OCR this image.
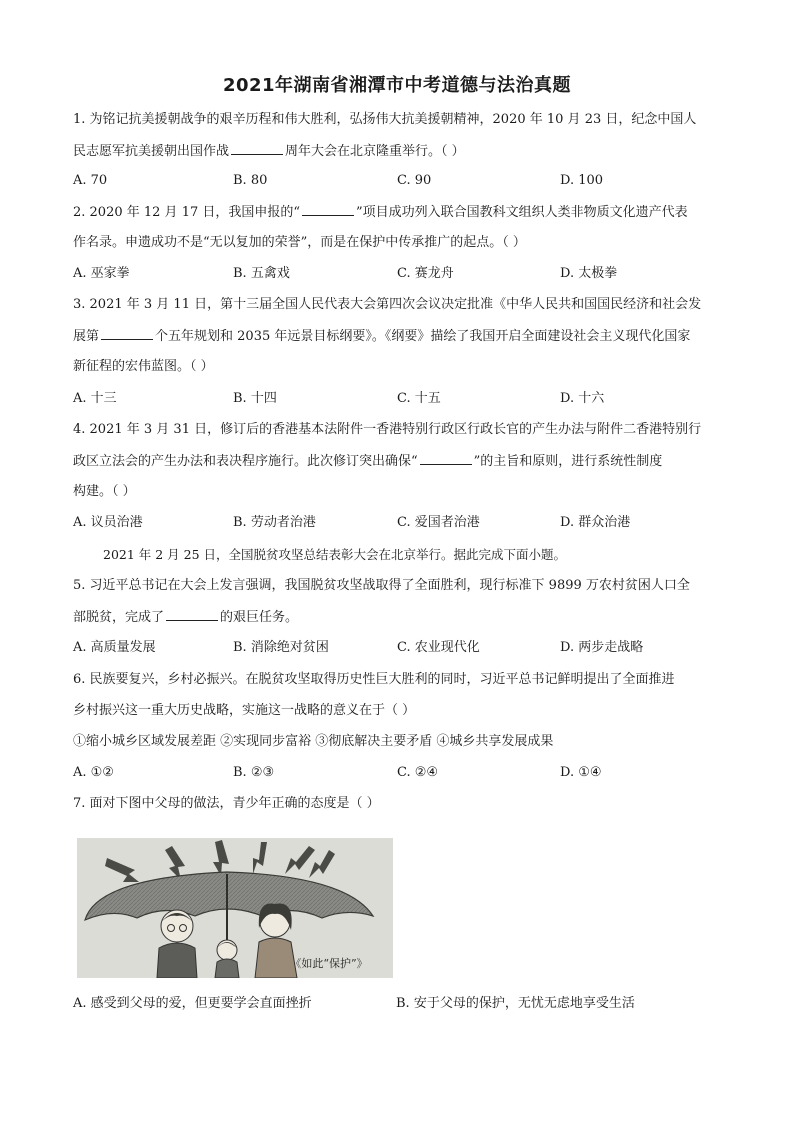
2021年湖南省湘潭市中考道德与法治真题
1. 为铭记抗美援朝战争的艰辛历程和伟大胜利，弘扬伟大抗美援朝精神，2020 年 10 月 23 日，纪念中国人
民志愿军抗美援朝出国作战	周年大会在北京隆重举行。（ ）
A. 70	B. 80	C. 90	D. 100
2. 2020 年 12 月 17 日，我国申报的“	”项目成功列入联合国教科文组织人类非物质文化遗产代表
作名录。申遗成功不是“无以复加的荣誉”，而是在保护中传承推广的起点。（ ）
A. 巫家拳	B. 五禽戏	C. 赛龙舟	D. 太极拳
3. 2021 年 3 月 11 日，第十三届全国人民代表大会第四次会议决定批准《中华人民共和国国民经济和社会发
展第	个五年规划和 2035 年远景目标纲要》。《纲要》描绘了我国开启全面建设社会主义现代化国家
新征程的宏伟蓝图。（ ）
A. 十三	B. 十四	C. 十五	D. 十六
4. 2021 年 3 月 31 日，修订后的香港基本法附件一香港特别行政区行政长官的产生办法与附件二香港特别行
政区立法会的产生办法和表决程序施行。此次修订突出确保“	”的主旨和原则，进行系统性制度
构建。（ ）
A. 议员治港	B. 劳动者治港	C. 爱国者治港	D. 群众治港
2021 年 2 月 25 日，全国脱贫攻坚总结表彰大会在北京举行。据此完成下面小题。
5. 习近平总书记在大会上发言强调，我国脱贫攻坚战取得了全面胜利，现行标准下 9899 万农村贫困人口全
部脱贫，完成了	的艰巨任务。
A. 高质量发展	B. 消除绝对贫困	C. 农业现代化	D. 两步走战略
6. 民族要复兴，乡村必振兴。在脱贫攻坚取得历史性巨大胜利的同时，习近平总书记鲜明提出了全面推进
乡村振兴这一重大历史战略，实施这一战略的意义在于（ ）
①缩小城乡区域发展差距 ②实现同步富裕 ③彻底解决主要矛盾 ④城乡共享发展成果
A. ①②	B. ②③	C. ②④	D. ①④
7. 面对下图中父母的做法，青少年正确的态度是（ ）
《如此“保护”》
A. 感受到父母的爱，但更要学会直面挫折	B. 安于父母的保护，无忧无虑地享受生活
